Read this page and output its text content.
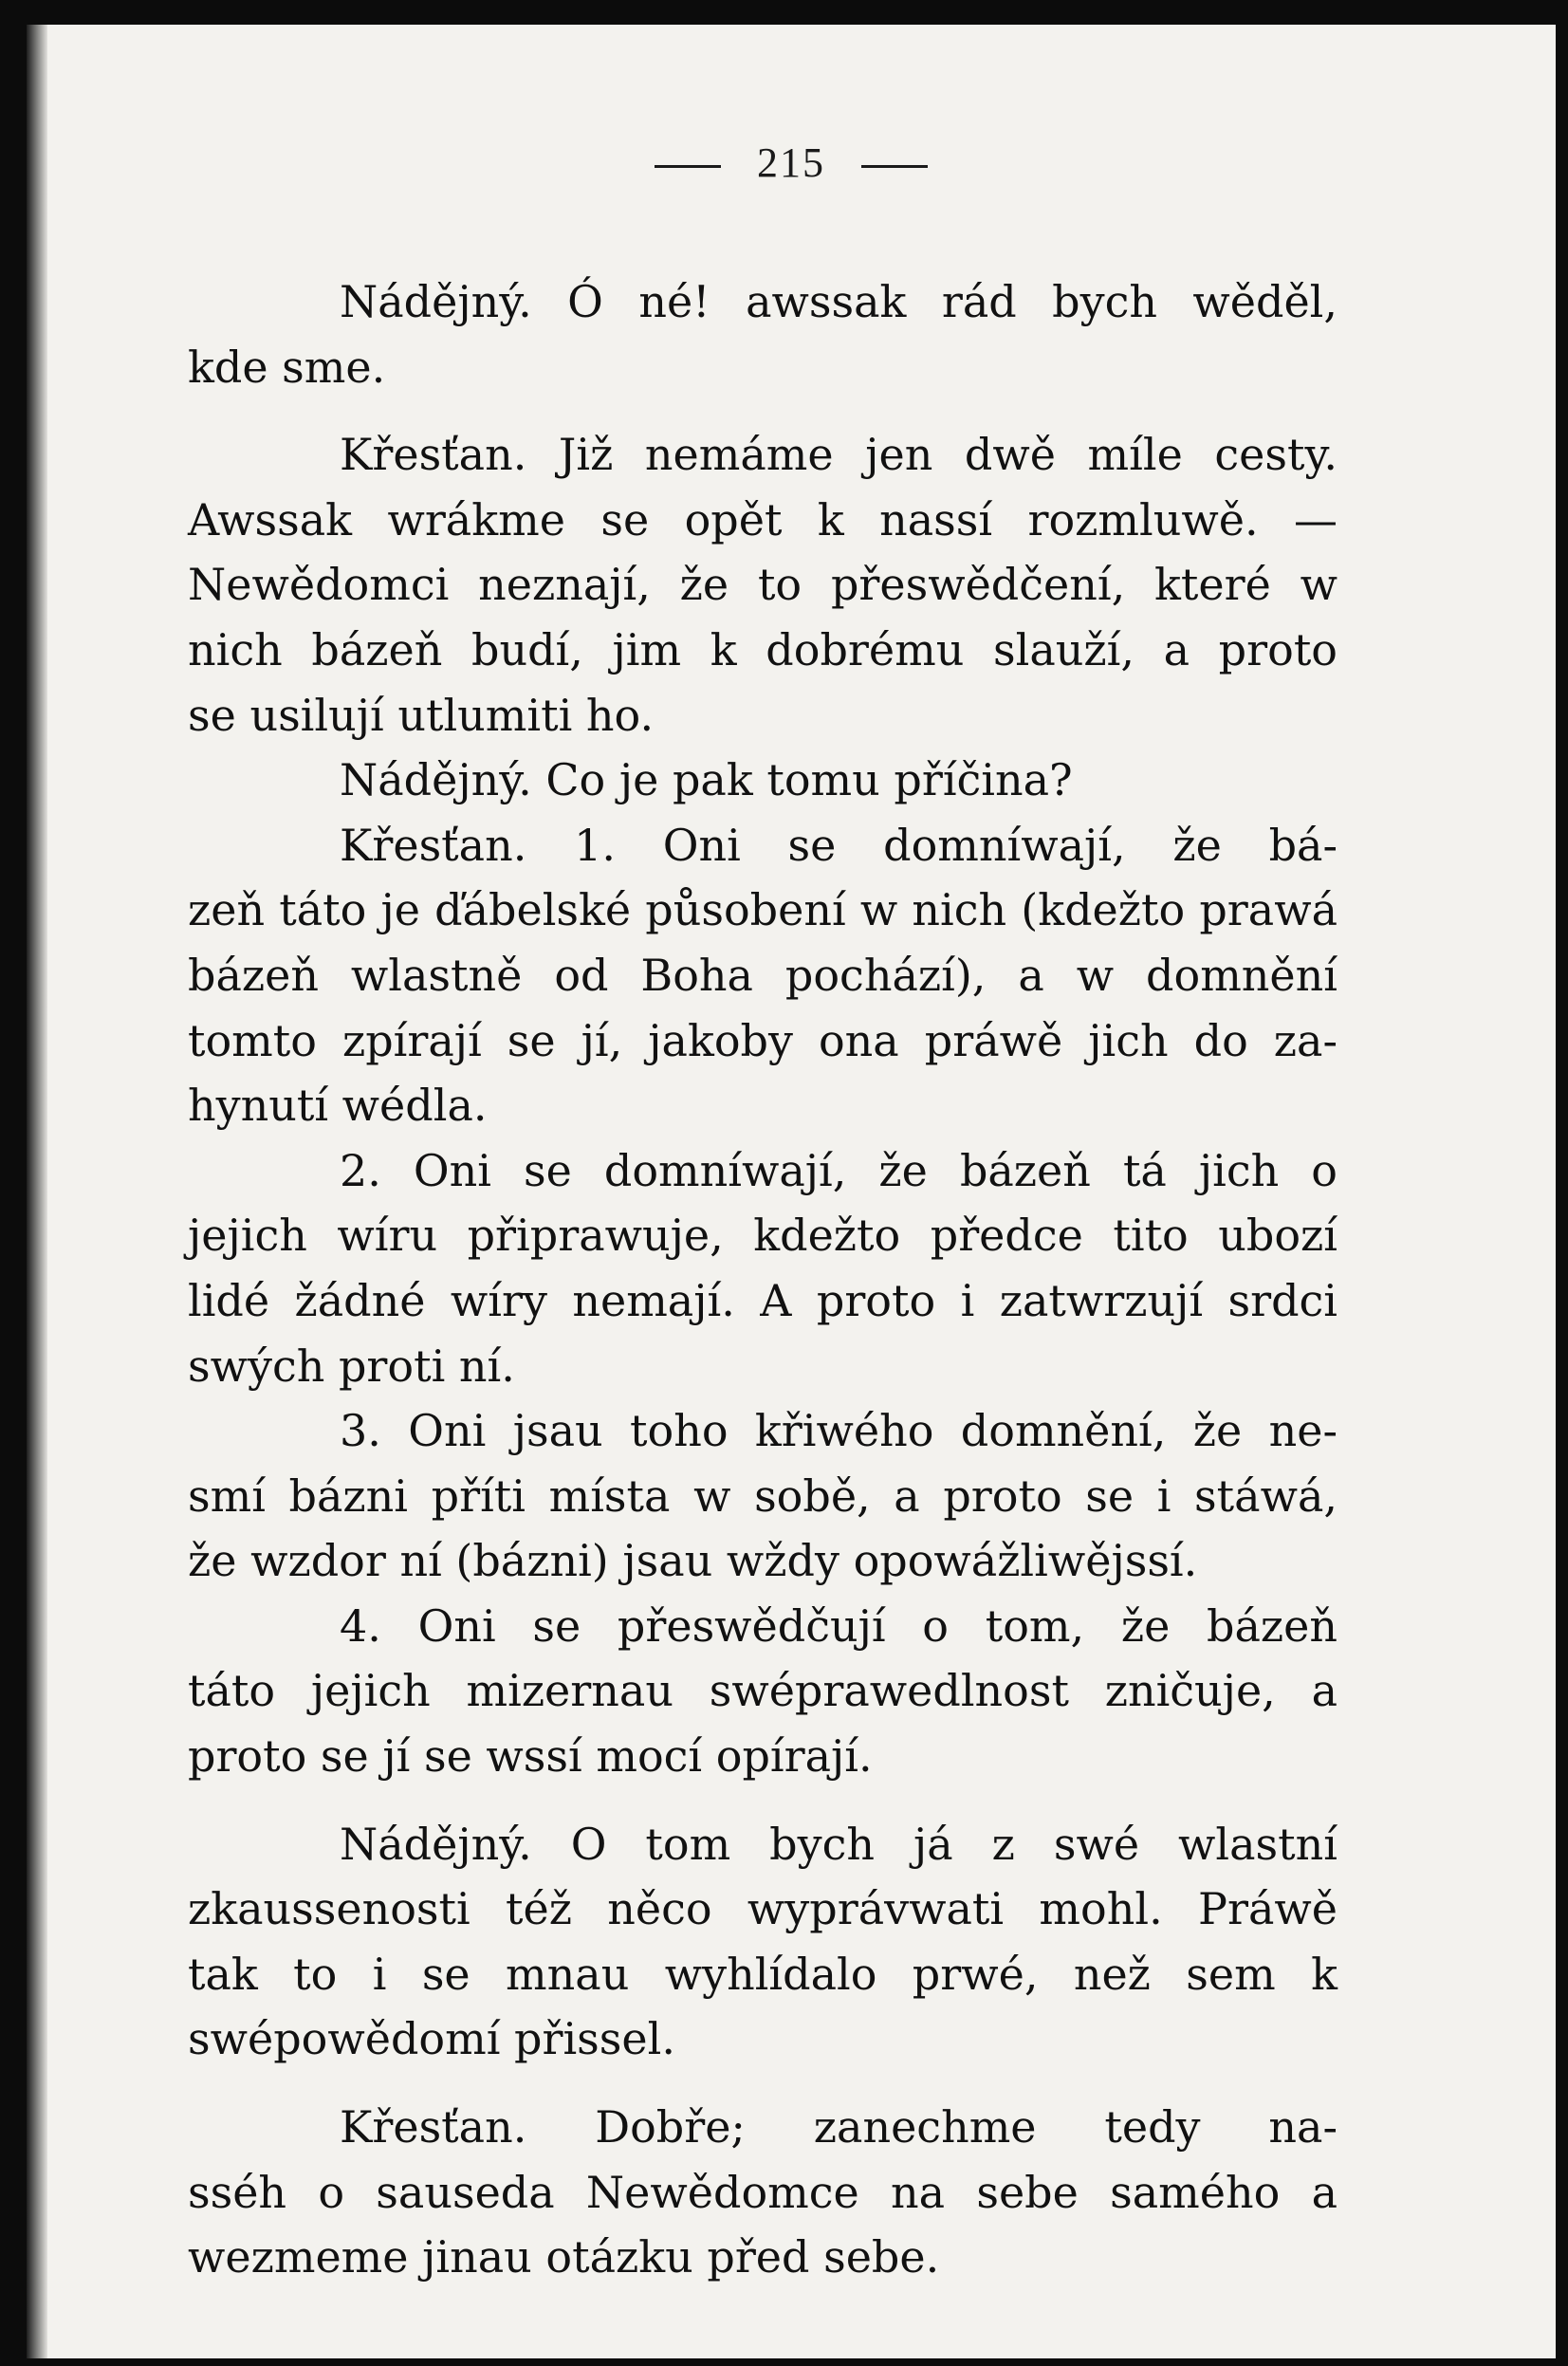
215
Nádějný. Ó né! awssak rád bych wěděl,
kde sme.
Křesťan. Již nemáme jen dwě míle cesty.
Awssak wrákme se opět k nassí rozmluwě. —
Newědomci neznají, že to přeswědčení, které w
nich bázeň budí, jim k dobrému slauží, a proto
se usilují utlumiti ho.
Nádějný. Co je pak tomu příčina?
Křesťan. 1. Oni se domníwají, že bá-
zeň táto je ďábelské působení w nich (kdežto prawá
bázeň wlastně od Boha pochází), a w domnění
tomto zpírají se jí, jakoby ona práwě jich do za-
hynutí wédla.
2. Oni se domníwají, že bázeň tá jich o
jejich wíru připrawuje, kdežto předce tito ubozí
lidé žádné wíry nemají. A proto i zatwrzují srdci
swých proti ní.
3. Oni jsau toho křiwého domnění, že ne-
smí bázni příti místa w sobě, a proto se i stáwá,
že wzdor ní (bázni) jsau wždy opowážliwějssí.
4. Oni se přeswědčují o tom, že bázeň
táto jejich mizernau swéprawedlnost zničuje, a
proto se jí se wssí mocí opírají.
Nádějný. O tom bych já z swé wlastní
zkaussenosti též něco wyprávwati mohl. Práwě
tak to i se mnau wyhlídalo prwé, než sem k
swépowědomí přissel.
Křesťan. Dobře; zanechme tedy na-
sséh o sauseda Newědomce na sebe samého a
wezmeme jinau otázku před sebe.
